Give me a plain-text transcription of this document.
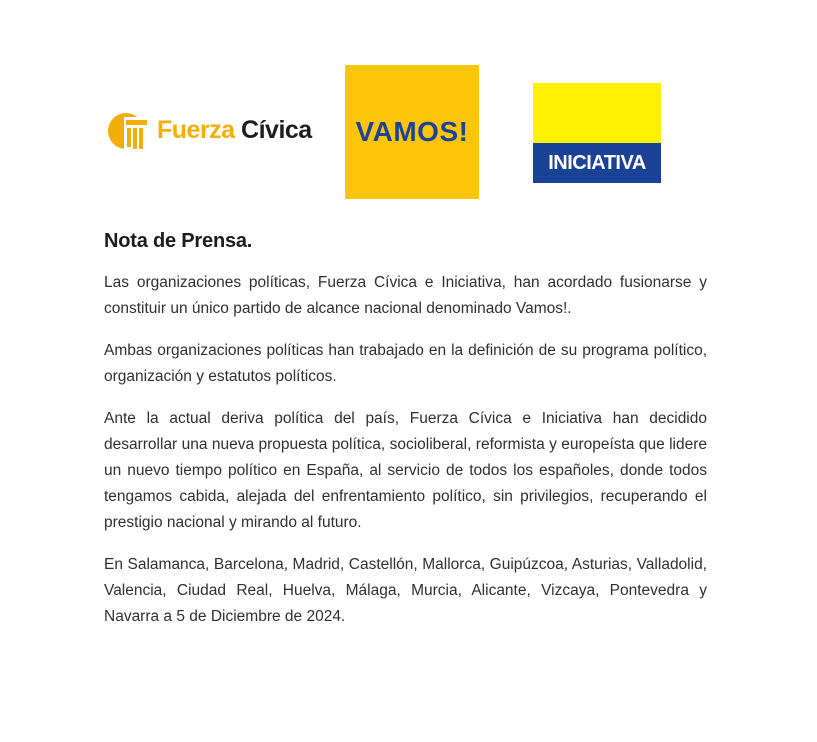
Fuerza Cívica VAMOS!
INICIATIVA
Nota de Prensa.

Las organizaciones políticas, Fuerza Cívica e Iniciativa, han acordado fusionarse y constituir un único partido de alcance nacional denominado Vamos!.

Ambas organizaciones políticas han trabajado en la definición de su programa político, organización y estatutos políticos.

Ante la actual deriva política del país, Fuerza Cívica e Iniciativa han decidido desarrollar una nueva propuesta política, socioliberal, reformista y europeísta que lidere un nuevo tiempo político en España, al servicio de todos los españoles, donde todos tengamos cabida, alejada del enfrentamiento político, sin privilegios, recuperando el prestigio nacional y mirando al futuro.

En Salamanca, Barcelona, Madrid, Castellón, Mallorca, Guipúzcoa, Asturias, Valladolid, Valencia, Ciudad Real, Huelva, Málaga, Murcia, Alicante, Vizcaya, Pontevedra y Navarra a 5 de Diciembre de 2024.
